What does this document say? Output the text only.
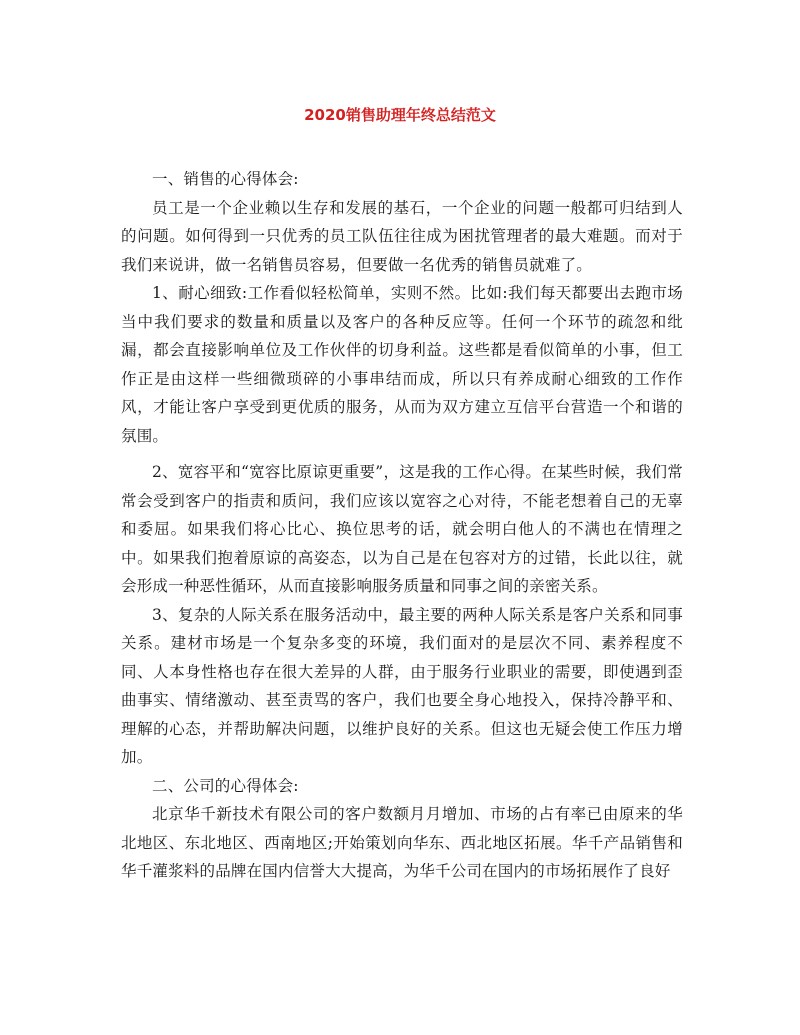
2020销售助理年终总结范文

一、销售的心得体会:

员工是一个企业赖以生存和发展的基石，一个企业的问题一般都可归结到人的问题。如何得到一只优秀的员工队伍往往成为困扰管理者的最大难题。而对于我们来说讲，做一名销售员容易，但要做一名优秀的销售员就难了。

1、耐心细致:工作看似轻松简单，实则不然。比如:我们每天都要出去跑市场当中我们要求的数量和质量以及客户的各种反应等。任何一个环节的疏忽和纰漏，都会直接影响单位及工作伙伴的切身利益。这些都是看似简单的小事，但工作正是由这样一些细微琐碎的小事串结而成，所以只有养成耐心细致的工作作风，才能让客户享受到更优质的服务，从而为双方建立互信平台营造一个和谐的氛围。

2、宽容平和“宽容比原谅更重要”，这是我的工作心得。在某些时候，我们常常会受到客户的指责和质问，我们应该以宽容之心对待，不能老想着自己的无辜和委屈。如果我们将心比心、换位思考的话，就会明白他人的不满也在情理之中。如果我们抱着原谅的高姿态，以为自己是在包容对方的过错，长此以往，就会形成一种恶性循环，从而直接影响服务质量和同事之间的亲密关系。

3、复杂的人际关系在服务活动中，最主要的两种人际关系是客户关系和同事关系。建材市场是一个复杂多变的环境，我们面对的是层次不同、素养程度不同、人本身性格也存在很大差异的人群，由于服务行业职业的需要，即使遇到歪曲事实、情绪激动、甚至责骂的客户，我们也要全身心地投入，保持冷静平和、理解的心态，并帮助解决问题，以维护良好的关系。但这也无疑会使工作压力增加。

二、公司的心得体会:

北京华千新技术有限公司的客户数额月月增加、市场的占有率已由原来的华北地区、东北地区、西南地区;开始策划向华东、西北地区拓展。华千产品销售和华千灌浆料的品牌在国内信誉大大提高，为华千公司在国内的市场拓展作了良好
